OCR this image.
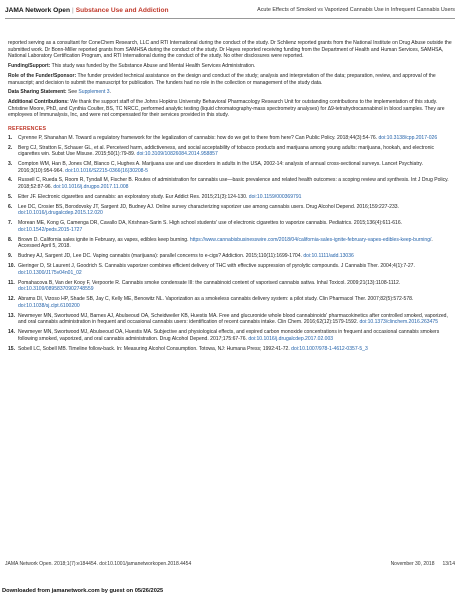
JAMA Network Open | Substance Use and Addiction	Acute Effects of Smoked vs Vaporized Cannabis Use in Infrequent Cannabis Users

reported serving as a consultant for ConeChem Research, LLC and RTI International during the conduct of the study. Dr Schlienz reported grants from the National Institute on Drug Abuse outside the submitted work. Dr Bonn-Miller reported grants from SAMHSA during the conduct of the study. Dr Hayes reported receiving funding from the Department of Health and Human Services, SAMHSA, National Laboratory Certification Program, and RTI International during the conduct of the study. No other disclosures were reported.

Funding/Support: This study was funded by the Substance Abuse and Mental Health Services Administration.

Role of the Funder/Sponsor: The funder provided technical assistance on the design and conduct of the study; analysis and interpretation of the data; preparation, review, and approval of the manuscript; and decision to submit the manuscript for publication. The funders had no role in the collection or management of the study data.

Data Sharing Statement: See Supplement 3.

Additional Contributions: We thank the support staff of the Johns Hopkins University Behavioral Pharmacology Research Unit for outstanding contributions to the implementation of this study. Christine Moore, PhD, and Cynthia Coulter, BS, TC NRCC, performed analytic testing (liquid chromatography-mass spectrometry analyses) for Δ9-tetrahydrocannabinol in blood samples. They are employees of Immunalysis, Inc, and were not compensated for their services provided in this study.

REFERENCES
1.	Cyrenne P, Shanahan M. Toward a regulatory framework for the legalization of cannabis: how do we get to there from here? Can Public Policy. 2018;44(3):54-76. doi:10.3138/cpp.2017-026
2.	Berg CJ, Stratton E, Schauer GL, et al. Perceived harm, addictiveness, and social acceptability of tobacco products and marijuana among young adults: marijuana, hookah, and electronic cigarettes win. Subst Use Misuse. 2015;50(1):79-89. doi:10.3109/10826084.2014.958857
3.	Compton WM, Han B, Jones CM, Blanco C, Hughes A. Marijuana use and use disorders in adults in the USA, 2002-14: analysis of annual cross-sectional surveys. Lancet Psychiatry. 2016;3(10):954-964. doi:10.1016/S2215-0366(16)30208-5
4.	Russell C, Rueda S, Room R, Tyndall M, Fischer B. Routes of administration for cannabis use—basic prevalence and related health outcomes: a scoping review and synthesis. Int J Drug Policy. 2018;52:87-96. doi:10.1016/j.drugpo.2017.11.008
5.	Etter JF. Electronic cigarettes and cannabis: an exploratory study. Eur Addict Res. 2015;21(3):124-130. doi:10.1159/000369791
6.	Lee DC, Crosier BS, Borodovsky JT, Sargent JD, Budney AJ. Online survey characterizing vaporizer use among cannabis users. Drug Alcohol Depend. 2016;159:227-233. doi:10.1016/j.drugalcdep.2015.12.020
7.	Morean ME, Kong G, Camenga DR, Cavallo DA, Krishnan-Sarin S. High school students' use of electronic cigarettes to vaporize cannabis. Pediatrics. 2015;136(4):611-616. doi:10.1542/peds.2015-1727
8.	Brown D. California sales ignite in February, as vapes, edibles keep burning. https://www.cannabisbusinesswire.com/2018/04/california-sales-ignite-february-vapes-edibles-keep-burning/. Accessed April 5, 2018.
9.	Budney AJ, Sargent JD, Lee DC. Vaping cannabis (marijuana): parallel concerns to e-cigs? Addiction. 2015;110(11):1699-1704. doi:10.1111/add.13036
10. Gieringer D, St Laurent J, Goodrich S. Cannabis vaporizer combines efficient delivery of THC with effective suppression of pyrolytic compounds. J Cannabis Ther. 2004;4(1):7-27. doi:10.1300/J175v04n01_02
11. Pomahacova B, Van der Kooy F, Verpoorte R. Cannabis smoke condensate III: the cannabinoid content of vaporised cannabis sativa. Inhal Toxicol. 2009;21(13):1108-1112. doi:10.3109/08958370902748559
12. Abrams DI, Vizoso HP, Shade SB, Jay C, Kelly ME, Benowitz NL. Vaporization as a smokeless cannabis delivery system: a pilot study. Clin Pharmacol Ther. 2007;82(5):572-578. doi:10.1038/sj.clpt.6100200
13. Newmeyer MN, Swortwood MJ, Barnes AJ, Abulseoud OA, Scheidweiler KB, Huestis MA. Free and glucuronide whole blood cannabinoids' pharmacokinetics after controlled smoked, vaporized, and oral cannabis administration in frequent and occasional cannabis users: identification of recent cannabis intake. Clin Chem. 2016;62(12):1579-1592. doi:10.1373/clinchem.2016.263475
14. Newmeyer MN, Swortwood MJ, Abulseoud OA, Huestis MA. Subjective and physiological effects, and expired carbon monoxide concentrations in frequent and occasional cannabis smokers following smoked, vaporized, and oral cannabis administration. Drug Alcohol Depend. 2017;175:67-76. doi:10.1016/j.drugalcdep.2017.02.003
15. Sobell LC, Sobell MB. Timeline follow-back. In: Measuring Alcohol Consumption. Totowa, NJ: Humana Press; 1992:41-72. doi:10.1007/978-1-4612-0357-5_3
JAMA Network Open. 2018;1(7):e184454. doi:10.1001/jamanetworkopen.2018.4454	November 30, 2018 13/14
Downloaded from jamanetwork.com by guest on 05/26/2025
